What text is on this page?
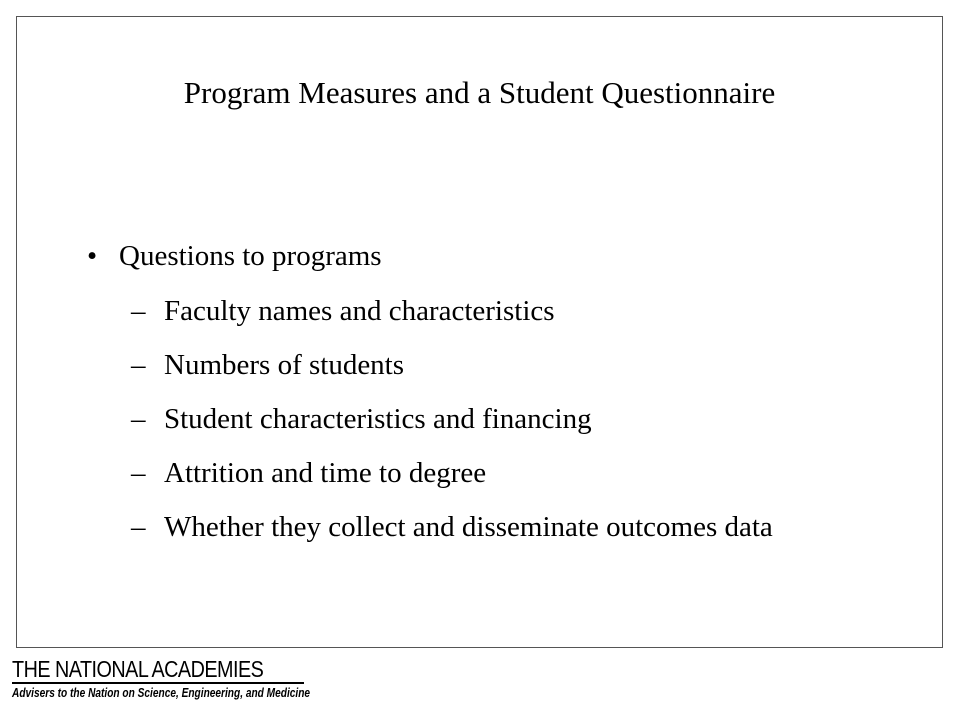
Program Measures and a Student Questionnaire
• Questions to programs
– Faculty names and characteristics
– Numbers of students
– Student characteristics and financing
– Attrition and time to degree
– Whether they collect and disseminate outcomes data
THE NATIONAL ACADEMIES
Advisers to the Nation on Science, Engineering, and Medicine
